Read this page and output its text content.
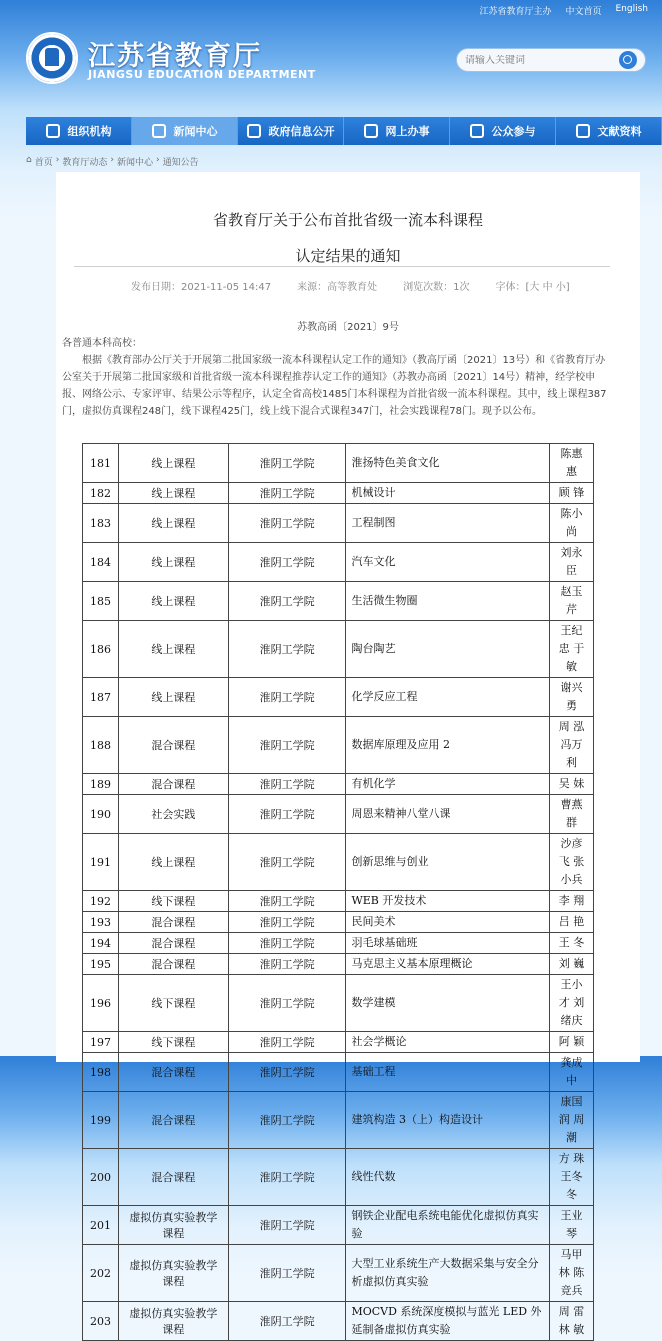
江苏省教育厅主办 中文首页 English
江苏省教育厅
JIANGSU EDUCATION DEPARTMENT
请输入关键词
组织机构	新闻中心	政府信息公开	网上办事	公众参与	文献资料
⌂ 首页 › 教育厅动态 › 新闻中心 › 通知公告
省教育厅关于公布首批省级一流本科课程
认定结果的通知
发布日期：2021-11-05 14:47	来源：高等教育处	浏览次数：1次	字体：[大 中 小]
苏教高函〔2021〕9号

各普通本科高校：

根据《教育部办公厅关于开展第二批国家级一流本科课程认定工作的通知》（教高厅函〔2021〕13号）和《省教育厅办公室关于开展第二批国家级和首批省级一流本科课程推荐认定工作的通知》（苏教办高函〔2021〕14号）精神，经学校申报、网络公示、专家评审、结果公示等程序，认定全省高校1485门本科课程为首批省级一流本科课程。其中，线上课程387门，虚拟仿真课程248门，线下课程425门，线上线下混合式课程347门，社会实践课程78门。现予以公布。

181	线上课程	淮阴工学院	淮扬特色美食文化	陈惠惠
182	线上课程	淮阴工学院	机械设计	顾 锋
183	线上课程	淮阴工学院	工程制图	陈小尚
184	线上课程	淮阴工学院	汽车文化	刘永臣
185	线上课程	淮阴工学院	生活微生物圈	赵玉芹
186	线上课程	淮阴工学院	陶台陶艺	王纪忠 于 敏
187	线上课程	淮阴工学院	化学反应工程	谢兴勇
188	混合课程	淮阴工学院	数据库原理及应用 2	周 泓 冯万利
189	混合课程	淮阴工学院	有机化学	吴 妹
190	社会实践	淮阴工学院	周恩来精神八堂八课	曹燕群
191	线上课程	淮阴工学院	创新思维与创业	沙彦飞 张小兵
192	线下课程	淮阴工学院	WEB 开发技术	李 翔
193	混合课程	淮阴工学院	民间美术	吕 艳
194	混合课程	淮阴工学院	羽毛球基础班	王 冬
195	混合课程	淮阴工学院	马克思主义基本原理概论	刘 巍
196	线下课程	淮阴工学院	数学建模	王小才 刘绪庆
197	线下课程	淮阴工学院	社会学概论	阿 颖
198	混合课程	淮阴工学院	基础工程	龚成中
199	混合课程	淮阴工学院	建筑构造 3（上）构造设计	康国润 周 潮
200	混合课程	淮阴工学院	线性代数	方 珠 王冬冬
201	虚拟仿真实验教学课程	淮阴工学院	钢铁企业配电系统电能优化虚拟仿真实验	王业琴
202	虚拟仿真实验教学课程	淮阴工学院	大型工业系统生产大数据采集与安全分析虚拟仿真实验	马甲林 陈竞兵
203	虚拟仿真实验教学课程	淮阴工学院	MOCVD 系统深度模拟与蓝光 LED 外延制备虚拟仿真实验	周 雷 林 敏
